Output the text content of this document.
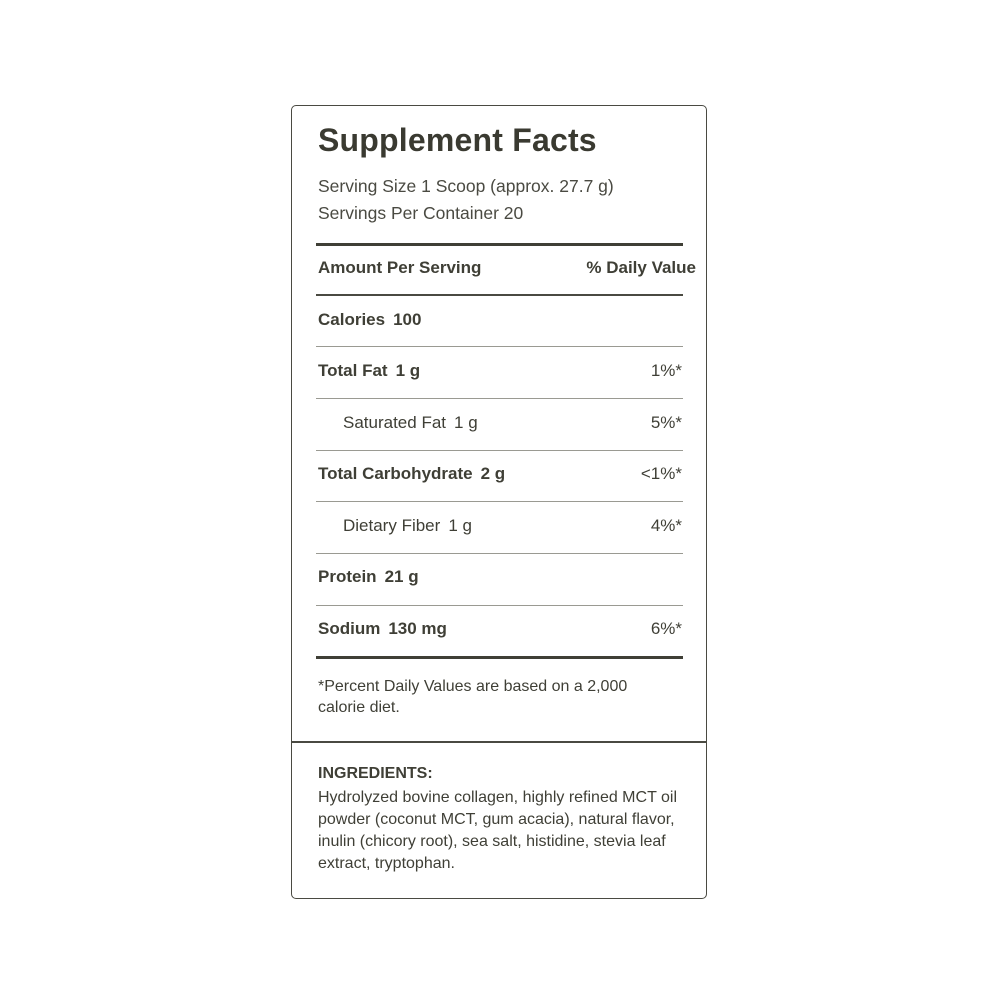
Supplement Facts
Serving Size 1 Scoop (approx. 27.7 g)
Servings Per Container 20
Amount Per Serving	% Daily Value
Calories 100
Total Fat 1 g	1%*
Saturated Fat 1 g	5%*
Total Carbohydrate 2 g	<1%*
Dietary Fiber 1 g	4%*
Protein 21 g
Sodium 130 mg	6%*
*Percent Daily Values are based on a 2,000 calorie diet.
INGREDIENTS:
Hydrolyzed bovine collagen, highly refined MCT oil powder (coconut MCT, gum acacia), natural flavor, inulin (chicory root), sea salt, histidine, stevia leaf extract, tryptophan.
